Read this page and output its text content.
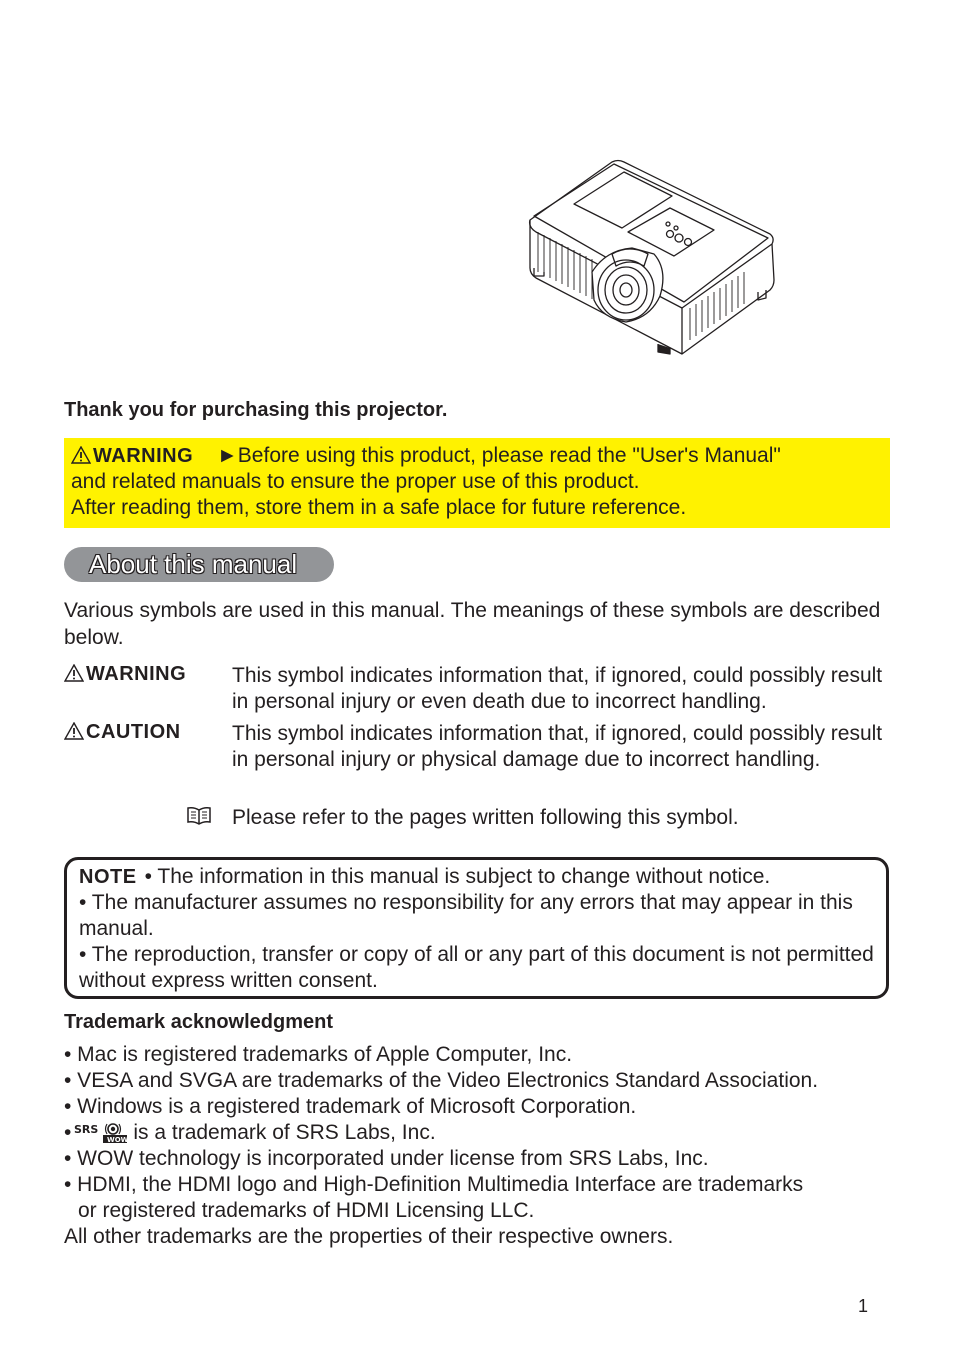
Thank you for purchasing this projector.
WARNING ►Before using this product, please read the "User's Manual"
and related manuals to ensure the proper use of this product.
After reading them, store them in a safe place for future reference.
About this manual
Various symbols are used in this manual. The meanings of these symbols are described below.
WARNING This symbol indicates information that, if ignored, could possibly result in personal injury or even death due to incorrect handling.
CAUTION This symbol indicates information that, if ignored, could possibly result in personal injury or physical damage due to incorrect handling.
Please refer to the pages written following this symbol.
NOTE • The information in this manual is subject to change without notice.
• The manufacturer assumes no responsibility for any errors that may appear in this manual.
• The reproduction, transfer or copy of all or any part of this document is not permitted without express written consent.
Trademark acknowledgment
• Mac is registered trademarks of Apple Computer, Inc.
• VESA and SVGA are trademarks of the Video Electronics Standard Association.
• Windows is a registered trademark of Microsoft Corporation.
• SRS
WOW is a trademark of SRS Labs, Inc.
• WOW technology is incorporated under license from SRS Labs, Inc.
• HDMI, the HDMI logo and High-Definition Multimedia Interface are trademarks
or registered trademarks of HDMI Licensing LLC.
All other trademarks are the properties of their respective owners.
1
